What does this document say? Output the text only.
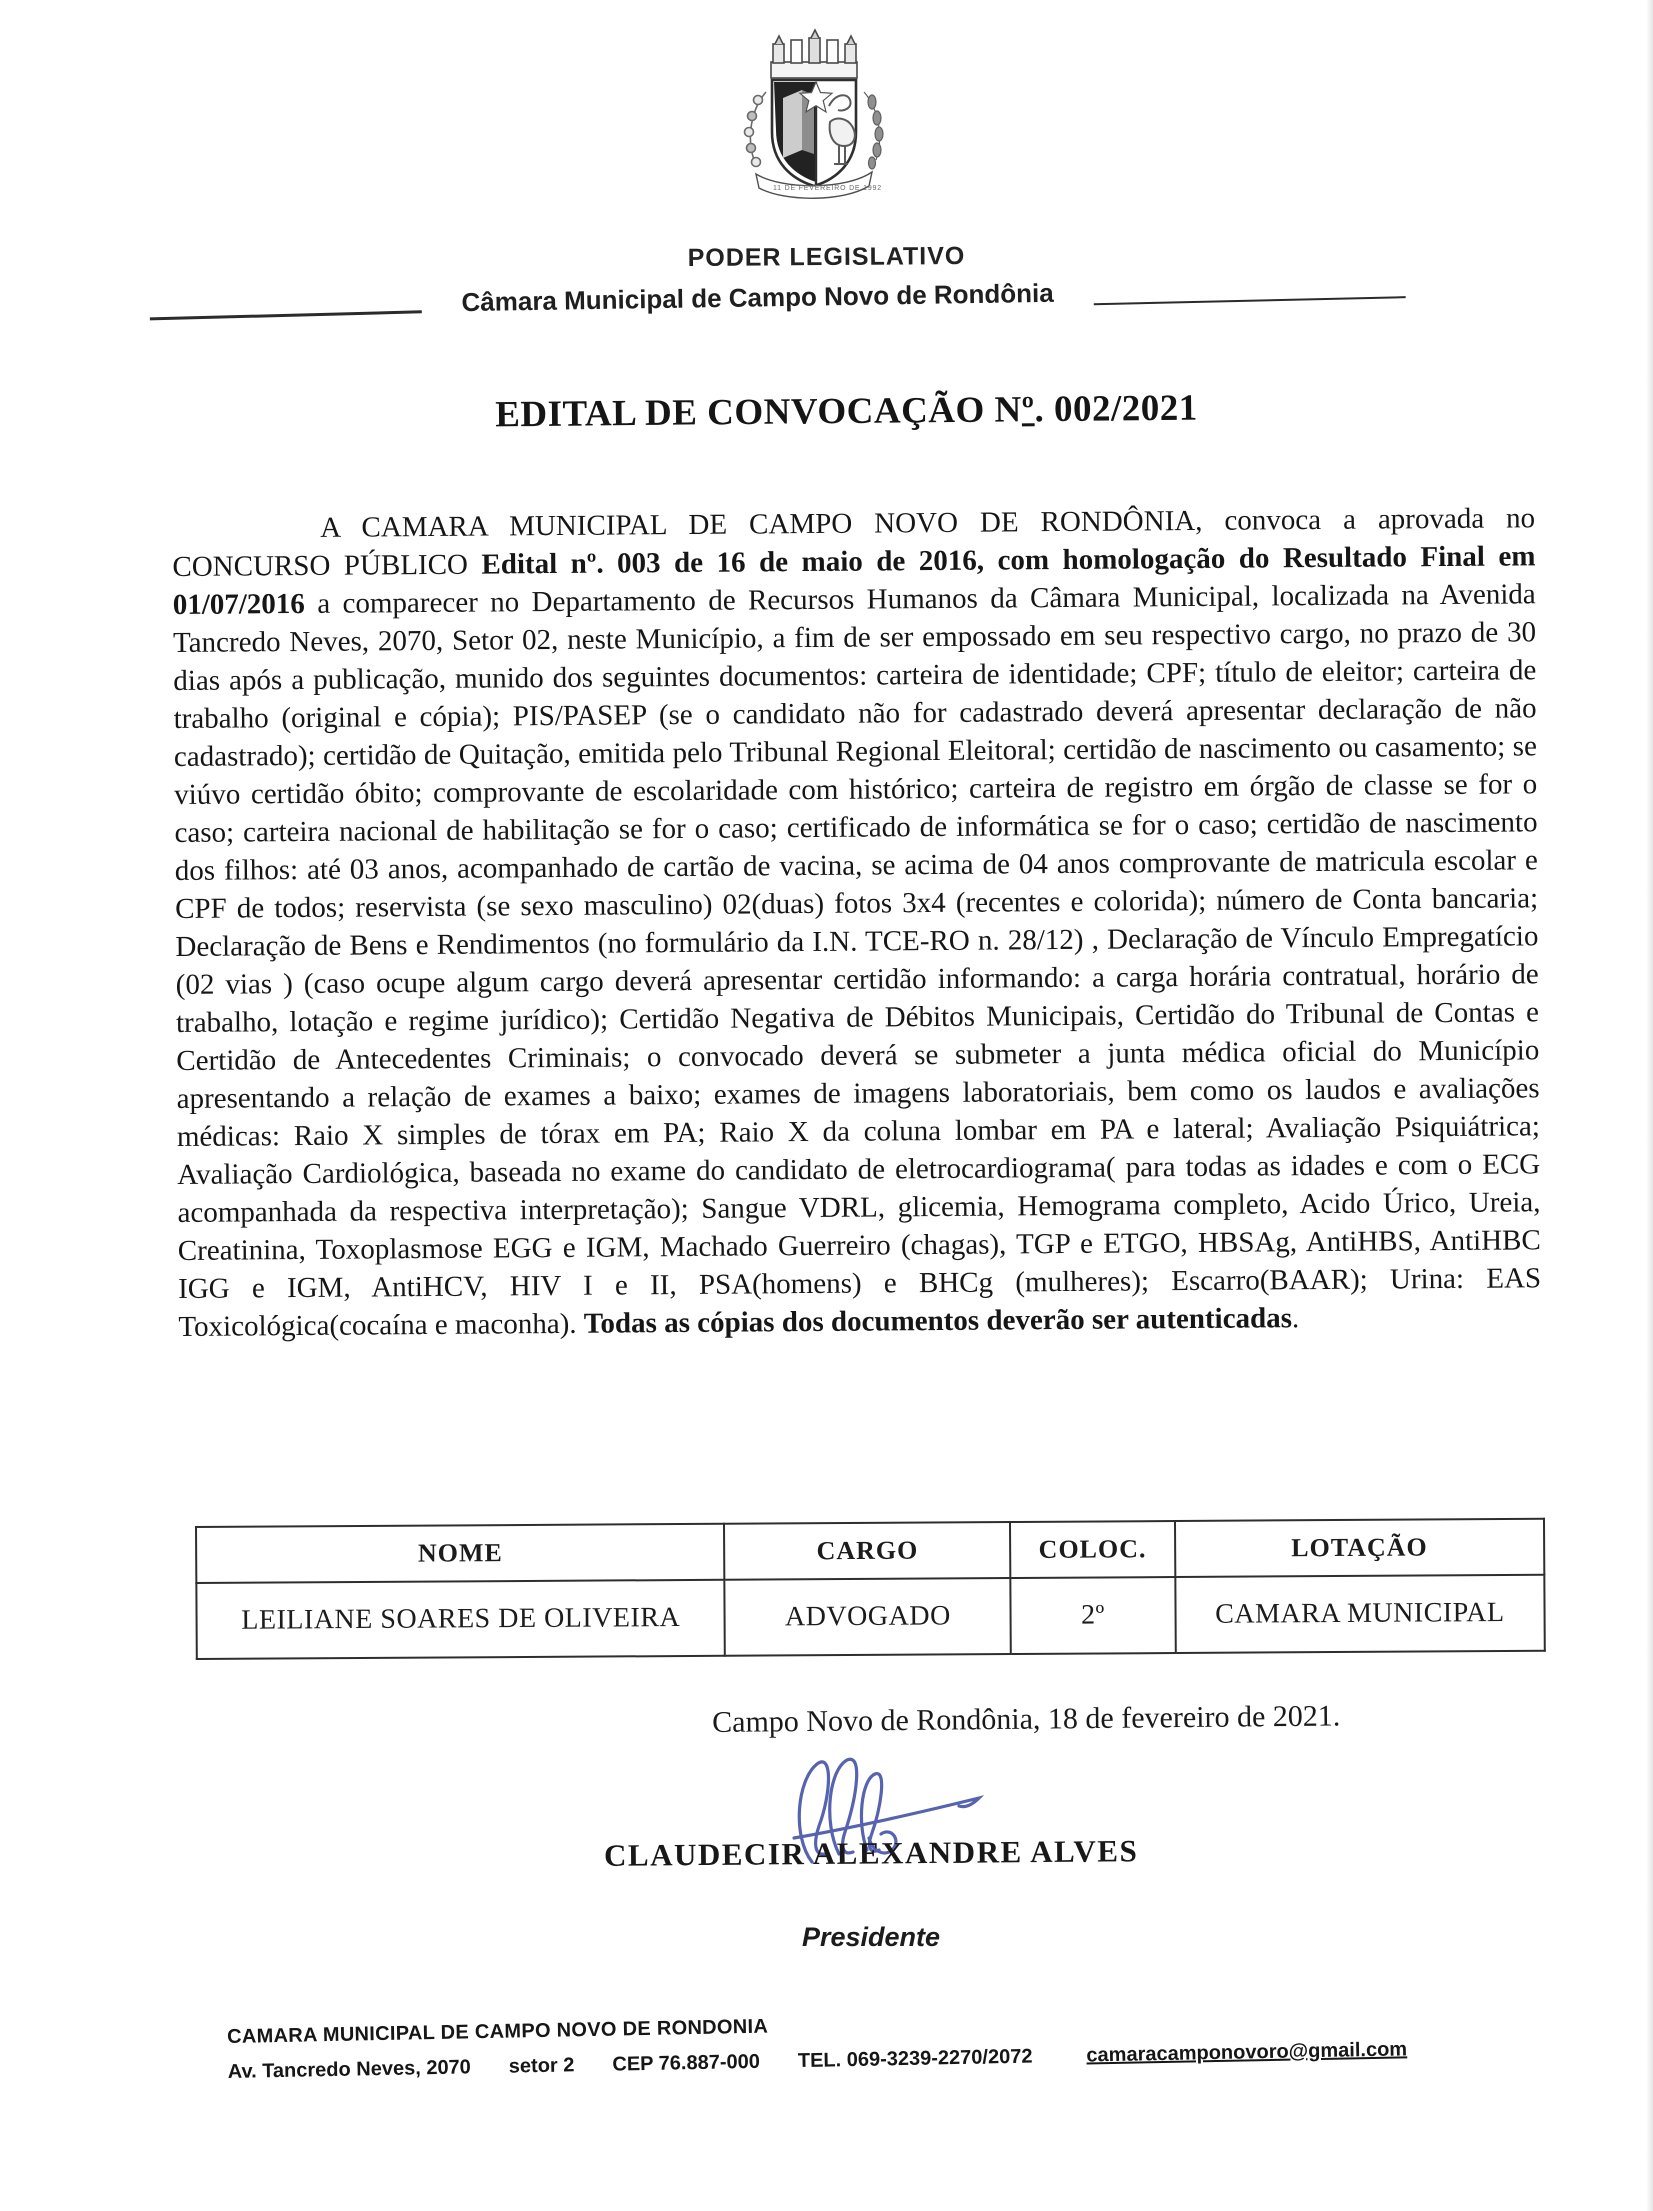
11 DE FEVEREIRO DE 1992
PODER LEGISLATIVO
Câmara Municipal de Campo Novo de Rondônia
EDITAL DE CONVOCAÇÃO Nº. 002/2021
A CAMARA MUNICIPAL DE CAMPO NOVO DE RONDÔNIA, convoca a aprovada no CONCURSO PÚBLICO Edital nº. 003 de 16 de maio de 2016, com homologação do Resultado Final em 01/07/2016 a comparecer no Departamento de Recursos Humanos da Câmara Municipal, localizada na Avenida Tancredo Neves, 2070, Setor 02, neste Município, a fim de ser empossado em seu respectivo cargo, no prazo de 30 dias após a publicação, munido dos seguintes documentos: carteira de identidade; CPF; título de eleitor; carteira de trabalho (original e cópia); PIS/PASEP (se o candidato não for cadastrado deverá apresentar declaração de não cadastrado); certidão de Quitação, emitida pelo Tribunal Regional Eleitoral; certidão de nascimento ou casamento; se viúvo certidão óbito; comprovante de escolaridade com histórico; carteira de registro em órgão de classe se for o caso; carteira nacional de habilitação se for o caso; certificado de informática se for o caso; certidão de nascimento dos filhos: até 03 anos, acompanhado de cartão de vacina, se acima de 04 anos comprovante de matricula escolar e CPF de todos; reservista (se sexo masculino) 02(duas) fotos 3x4 (recentes e colorida); número de Conta bancaria; Declaração de Bens e Rendimentos (no formulário da I.N. TCE-RO n. 28/12) , Declaração de Vínculo Empregatício (02 vias ) (caso ocupe algum cargo deverá apresentar certidão informando: a carga horária contratual, horário de trabalho, lotação e regime jurídico); Certidão Negativa de Débitos Municipais, Certidão do Tribunal de Contas e Certidão de Antecedentes Criminais; o convocado deverá se submeter a junta médica oficial do Município apresentando a relação de exames a baixo; exames de imagens laboratoriais, bem como os laudos e avaliações médicas: Raio X simples de tórax em PA; Raio X da coluna lombar em PA e lateral; Avaliação Psiquiátrica; Avaliação Cardiológica, baseada no exame do candidato de eletrocardiograma( para todas as idades e com o ECG acompanhada da respectiva interpretação); Sangue VDRL, glicemia, Hemograma completo, Acido Úrico, Ureia, Creatinina, Toxoplasmose EGG e IGM, Machado Guerreiro (chagas), TGP e ETGO, HBSAg, AntiHBS, AntiHBC IGG e IGM, AntiHCV, HIV I e II, PSA(homens) e BHCg (mulheres); Escarro(BAAR); Urina: EAS Toxicológica(cocaína e maconha). Todas as cópias dos documentos deverão ser autenticadas.
NOME	CARGO	COLOC.	LOTAÇÃO
LEILIANE SOARES DE OLIVEIRA	ADVOGADO	2º	CAMARA MUNICIPAL
Campo Novo de Rondônia, 18 de fevereiro de 2021.
CLAUDECIR ALEXANDRE ALVES
Presidente
CAMARA MUNICIPAL DE CAMPO NOVO DE RONDONIA
Av. Tancredo Neves, 2070 setor 2 CEP 76.887-000 TEL. 069-3239-2270/2072	camaracamponovoro@gmail.com
